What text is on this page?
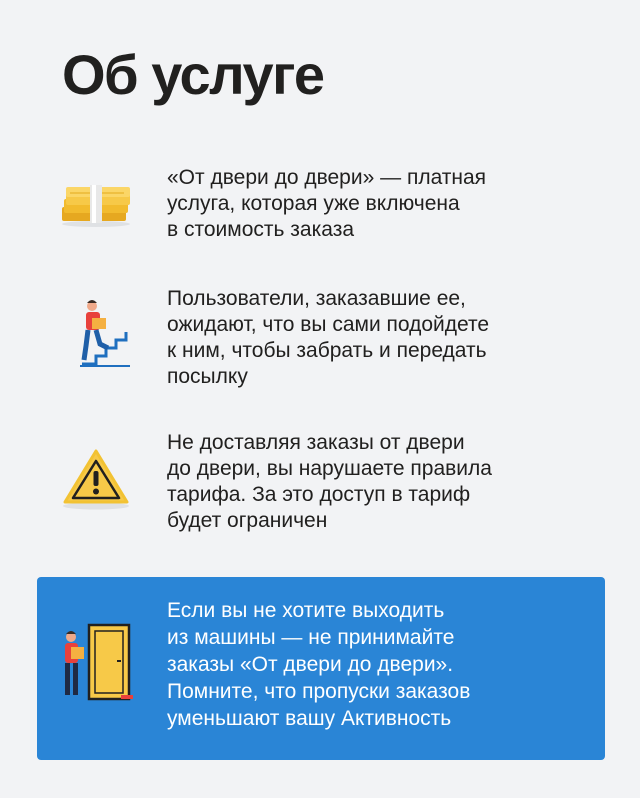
Об услуге
«От двери до двери» — платная
услуга, которая уже включена
в стоимость заказа
Пользователи, заказавшие ее,
ожидают, что вы сами подойдете
к ним, чтобы забрать и передать
посылку
Не доставляя заказы от двери
до двери, вы нарушаете правила
тарифа. За это доступ в тариф
будет ограничен
Если вы не хотите выходить
из машины — не принимайте
заказы «От двери до двери».
Помните, что пропуски заказов
уменьшают вашу Активность
